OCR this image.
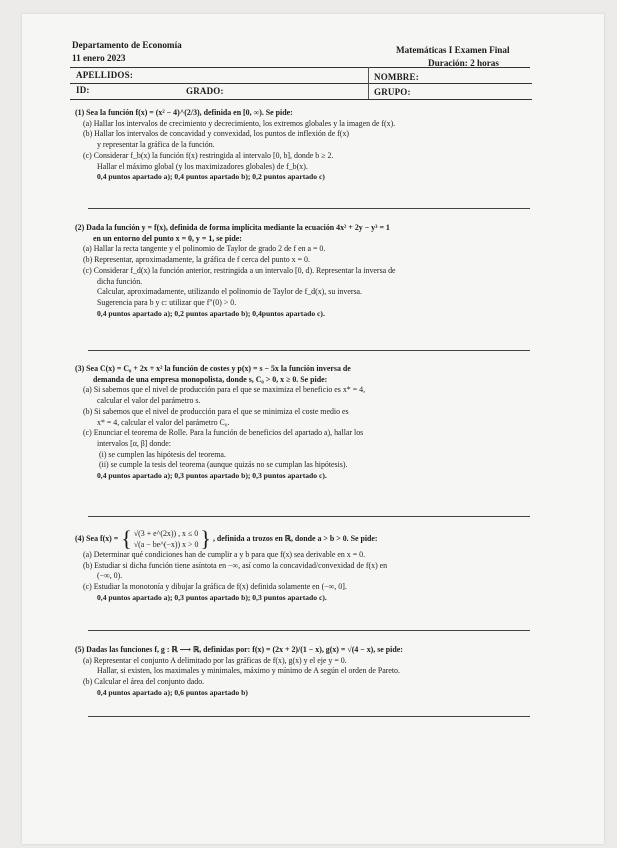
Departamento de Economía
11 enero 2023
Matemáticas I Examen Final
Duración: 2 horas
APELLIDOS:	NOMBRE:
ID:	GRADO:	GRUPO:
(1) Sea la función f(x) = (x² − 4)^(2/3), definida en [0, ∞). Se pide:
(a) Hallar los intervalos de crecimiento y decrecimiento, los extremos globales y la imagen de f(x).
(b) Hallar los intervalos de concavidad y convexidad, los puntos de inflexión de f(x)
y representar la gráfica de la función.
(c) Considerar f_b(x) la función f(x) restringida al intervalo [0, b], donde b ≥ 2.
Hallar el máximo global (y los maximizadores globales) de f_b(x).
0,4 puntos apartado a); 0,4 puntos apartado b); 0,2 puntos apartado c)
(2) Dada la función y = f(x), definida de forma implícita mediante la ecuación 4x² + 2y − y³ = 1
en un entorno del punto x = 0, y = 1, se pide:
(a) Hallar la recta tangente y el polinomio de Taylor de grado 2 de f en a = 0.
(b) Representar, aproximadamente, la gráfica de f cerca del punto x = 0.
(c) Considerar f_d(x) la función anterior, restringida a un intervalo [0, d). Representar la inversa de
dicha función.
Calcular, aproximadamente, utilizando el polinomio de Taylor de f_d(x), su inversa.
Sugerencia para b y c: utilizar que f″(0) > 0.
0,4 puntos apartado a); 0,2 puntos apartado b); 0,4puntos apartado c).
(3) Sea C(x) = C₀ + 2x + x² la función de costes y p(x) = s − 5x la función inversa de
demanda de una empresa monopolista, donde s, C₀ > 0, x ≥ 0. Se pide:
(a) Si sabemos que el nivel de producción para el que se maximiza el beneficio es x* = 4,
calcular el valor del parámetro s.
(b) Si sabemos que el nivel de producción para el que se minimiza el coste medio es
x* = 4, calcular el valor del parámetro C₀.
(c) Enunciar el teorema de Rolle. Para la función de beneficios del apartado a), hallar los
intervalos [α, β] donde:
(i) se cumplen las hipótesis del teorema.
(ii) se cumple la tesis del teorema (aunque quizás no se cumplan las hipótesis).
0,4 puntos apartado a); 0,3 puntos apartado b); 0,3 puntos apartado c).
(4) Sea f(x) = { √(3 + e^(2x)) , x ≤ 0
√(a − be^(−x)) x > 0 } , definida a trozos en ℝ, donde a > b > 0. Se pide:
(a) Determinar qué condiciones han de cumplir a y b para que f(x) sea derivable en x = 0.
(b) Estudiar si dicha función tiene asíntota en −∞, así como la concavidad/convexidad de f(x) en
(−∞, 0).
(c) Estudiar la monotonía y dibujar la gráfica de f(x) definida solamente en (−∞, 0].
0,4 puntos apartado a); 0,3 puntos apartado b); 0,3 puntos apartado c).
(5) Dadas las funciones f, g : ℝ ⟶ ℝ, definidas por: f(x) = (2x + 2)/(1 − x), g(x) = √(4 − x), se pide:
(a) Representar el conjunto A delimitado por las gráficas de f(x), g(x) y el eje y = 0.
Hallar, si existen, los maximales y minimales, máximo y mínimo de A según el orden de Pareto.
(b) Calcular el área del conjunto dado.
0,4 puntos apartado a); 0,6 puntos apartado b)
